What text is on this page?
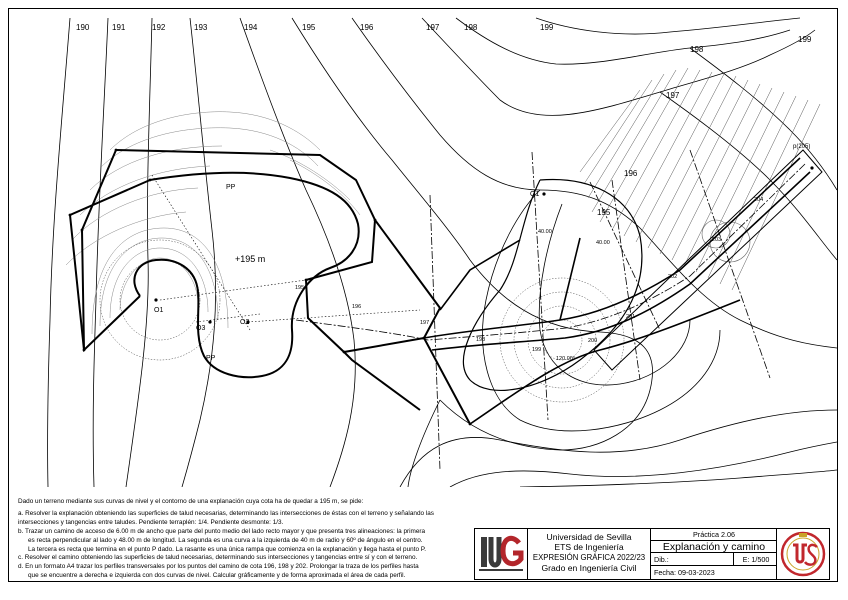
190	191	192	193	194	195	196	197	198	199
199
198
197
196
195
PP
PP
+195 m
O1
O2
O3
O1
p(205)
40.00
40.00
120.00°
195
196
197
198
199
200
201
202
203
204

Dado un terreno mediante sus curvas de nivel y el contorno de una explanación cuya cota ha de quedar a 195 m, se pide:

a. Resolver la explanación obteniendo las superficies de talud necesarias, determinando las intersecciones de éstas con el terreno y señalando las intersecciones y tangencias entre taludes. Pendiente terraplén: 1/4. Pendiente desmonte: 1/3.

b. Trazar un camino de acceso de 6.00 m de ancho que parte del punto medio del lado recto mayor y que presenta tres alineaciones: la primera

es recta perpendicular al lado y 48.00 m de longitud. La segunda es una curva a la izquierda de 40 m de radio y 60º de ángulo en el centro.

La tercera es recta que termina en el punto P dado. La rasante es una única rampa que comienza en la explanación y llega hasta el punto P.

c. Resolver el camino obteniendo las superficies de talud necesarias, determinando sus intersecciones y tangencias entre sí y con el terreno.

d. En un formato A4 trazar los perfiles transversales por los puntos del camino de cota 196, 198 y 202. Prolongar la traza de los perfiles hasta

que se encuentre a derecha e izquierda con dos curvas de nivel. Calcular gráficamente y de forma aproximada el área de cada perfil.

Universidad de Sevilla
ETS de Ingeniería
EXPRESIÓN GRÁFICA 2022/23
Grado en Ingeniería Civil
Práctica 2.06
Explanación y camino
Dib.:	E: 1/500
Fecha: 09-03-2023
